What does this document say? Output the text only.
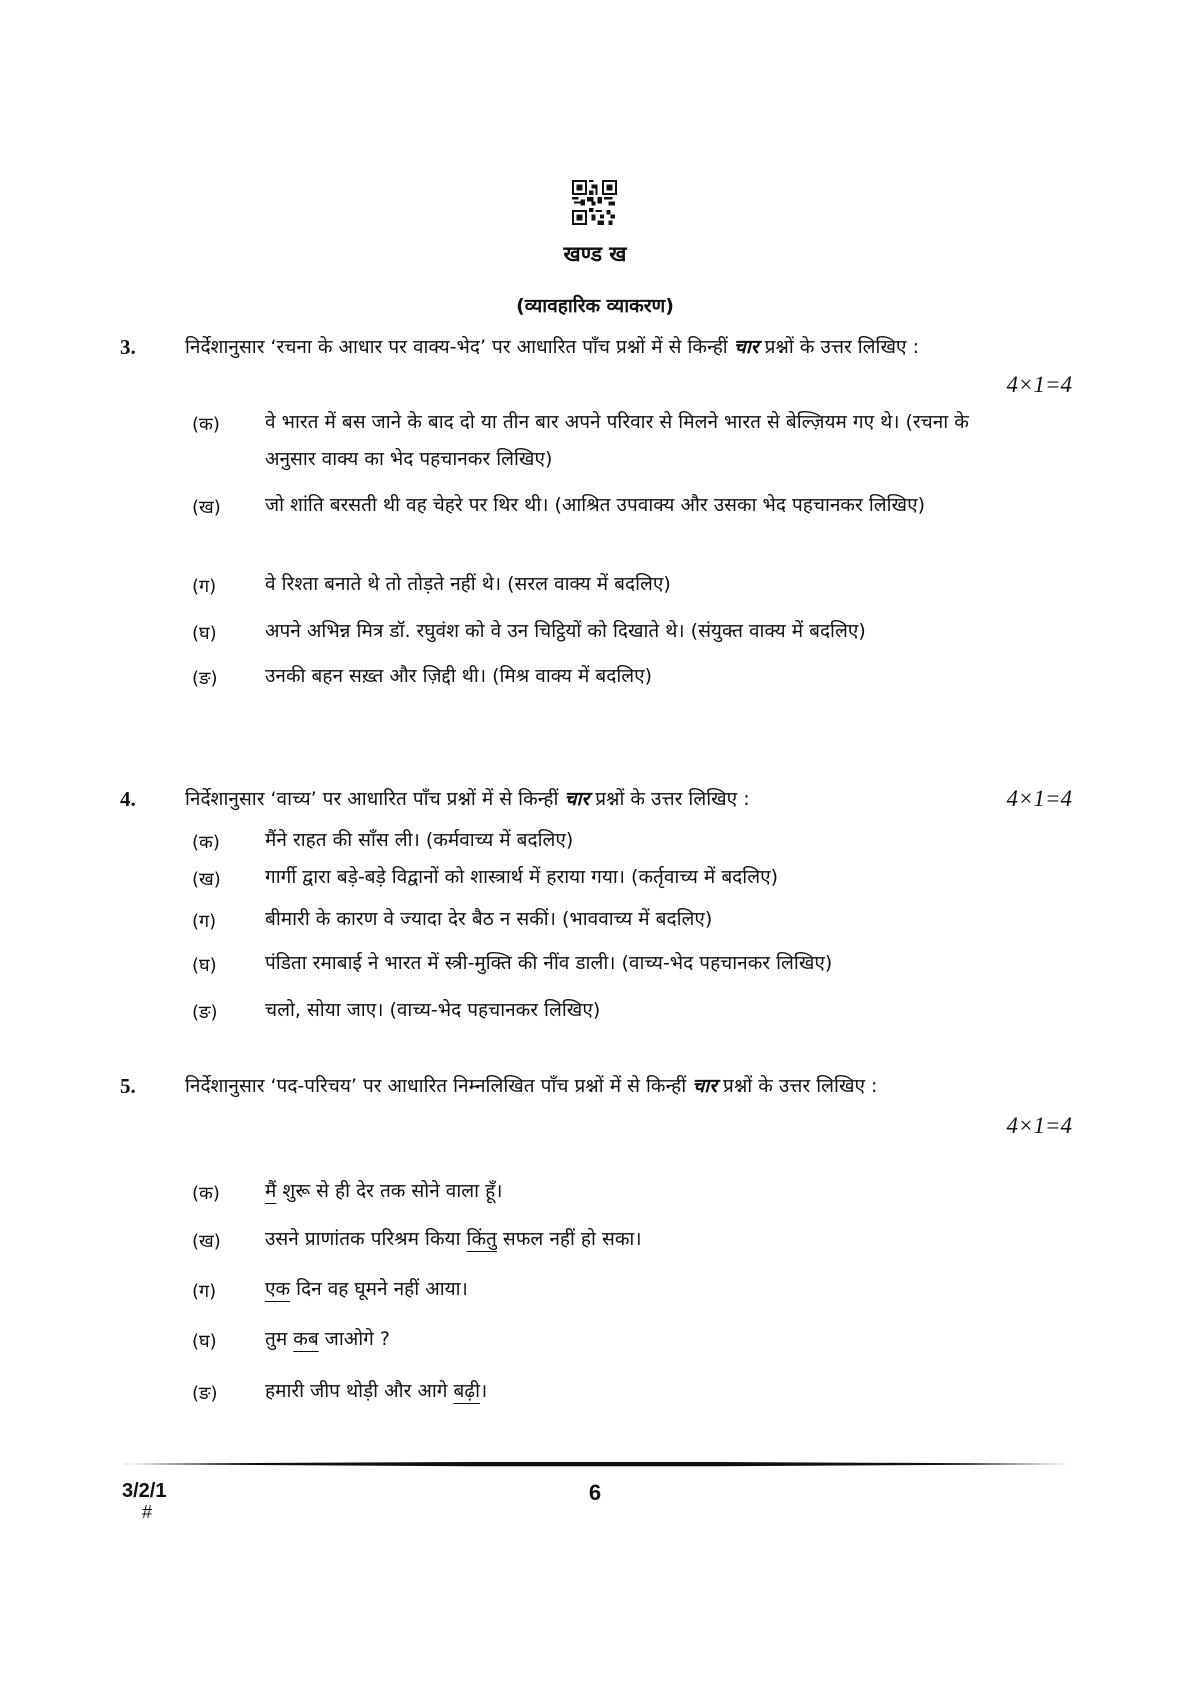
खण्ड ख
(व्यावहारिक व्याकरण)
3.	निर्देशानुसार ‘रचना के आधार पर वाक्य-भेद’ पर आधारित पाँच प्रश्नों में से किन्हीं चार प्रश्नों के उत्तर लिखिए :
4×1=4
(क) वे भारत में बस जाने के बाद दो या तीन बार अपने परिवार से मिलने भारत से बेल्ज़ियम गए थे। (रचना के अनुसार वाक्य का भेद पहचानकर लिखिए)
(ख) जो शांति बरसती थी वह चेहरे पर थिर थी। (आश्रित उपवाक्य और उसका भेद पहचानकर लिखिए)
(ग)	वे रिश्ता बनाते थे तो तोड़ते नहीं थे। (सरल वाक्य में बदलिए)
(घ)	अपने अभिन्न मित्र डॉ. रघुवंश को वे उन चिट्ठियों को दिखाते थे। (संयुक्त वाक्य में बदलिए)
(ङ) उनकी बहन सख़्त और ज़िद्दी थी। (मिश्र वाक्य में बदलिए)
4.	निर्देशानुसार ‘वाच्य’ पर आधारित पाँच प्रश्नों में से किन्हीं चार प्रश्नों के उत्तर लिखिए :	4×1=4
(क) मैंने राहत की साँस ली। (कर्मवाच्य में बदलिए)
(ख) गार्गी द्वारा बड़े-बड़े विद्वानों को शास्त्रार्थ में हराया गया। (कर्तृवाच्य में बदलिए)
(ग)	बीमारी के कारण वे ज्यादा देर बैठ न सकीं। (भाववाच्य में बदलिए)
(घ)	पंडिता रमाबाई ने भारत में स्त्री-मुक्ति की नींव डाली। (वाच्य-भेद पहचानकर लिखिए)
(ङ) चलो, सोया जाए। (वाच्य-भेद पहचानकर लिखिए)
5.	निर्देशानुसार ‘पद-परिचय’ पर आधारित निम्नलिखित पाँच प्रश्नों में से किन्हीं चार प्रश्नों के उत्तर लिखिए :
4×1=4
(क) मैं शुरू से ही देर तक सोने वाला हूँ।
(ख) उसने प्राणांतक परिश्रम किया किंतु सफल नहीं हो सका।
(ग)	एक दिन वह घूमने नहीं आया।
(घ)	तुम कब जाओगे ?
(ङ) हमारी जीप थोड़ी और आगे बढ़ी।
3/2/1
#
6
